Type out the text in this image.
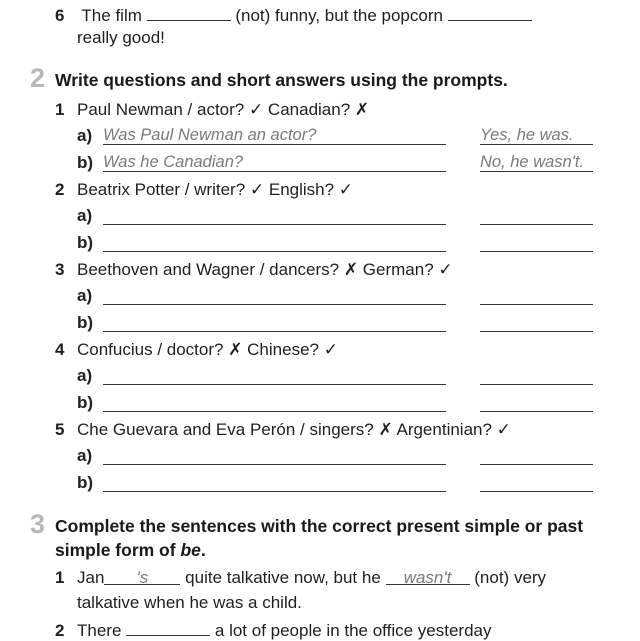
6 The film	(not) funny, but the popcorn
really good!
2 Write questions and short answers using the prompts.
1 Paul Newman / actor? ✓ Canadian? ✗
a) Was Paul Newman an actor?	Yes, he was.
b) Was he Canadian?	No, he wasn't.
2 Beatrix Potter / writer? ✓ English? ✓
a)
b)
3 Beethoven and Wagner / dancers? ✗ German? ✓
a)
b)
4 Confucius / doctor? ✗ Chinese? ✓
a)
b)
5 Che Guevara and Eva Perón / singers? ✗ Argentinian? ✓
a)
b)
3 Complete the sentences with the correct present simple or past
simple form of be.
1 Jan 's quite talkative now, but he wasn't (not) very
talkative when he was a child.
2 There	a lot of people in the office yesterday
